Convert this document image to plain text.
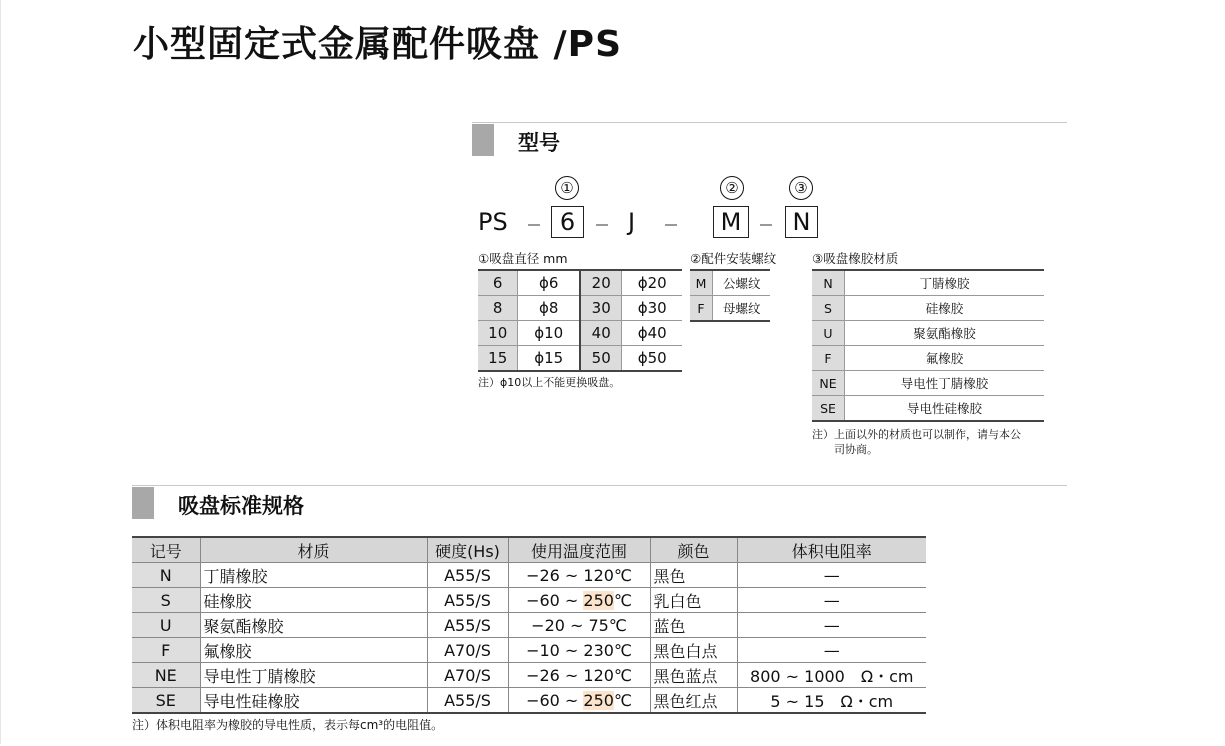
小型固定式金属配件吸盘 /PS
型号
①	②	③
PS	6	J	M	N
①吸盘直径 mm
6	ϕ6	20	ϕ20
8	ϕ8	30	ϕ30
10	ϕ10	40	ϕ40
15	ϕ15	50	ϕ50
注）ϕ10以上不能更换吸盘。
②配件安装螺纹
M	公螺纹
F	母螺纹
③吸盘橡胶材质
N	丁腈橡胶
S	硅橡胶
U	聚氨酯橡胶
F	氟橡胶
NE	导电性丁腈橡胶
SE	导电性硅橡胶
注）上面以外的材质也可以制作，请与本公
司协商。
吸盘标准规格
记号	材质	硬度(Hs)	使用温度范围	颜色	体积电阻率
N	丁腈橡胶	A55/S	−26 ~ 120℃	黑色	—
S	硅橡胶	A55/S	−60 ~ 250℃	乳白色	—
U	聚氨酯橡胶	A55/S	−20 ~ 75℃	蓝色	—
F	氟橡胶	A70/S	−10 ~ 230℃	黑色白点	—
NE	导电性丁腈橡胶	A70/S	−26 ~ 120℃	黑色蓝点	800 ~ 1000　Ω・cm
SE	导电性硅橡胶	A55/S	−60 ~ 250℃	黑色红点	5 ~ 15　Ω・cm
注）体积电阻率为橡胶的导电性质，表示每cm³的电阻值。
